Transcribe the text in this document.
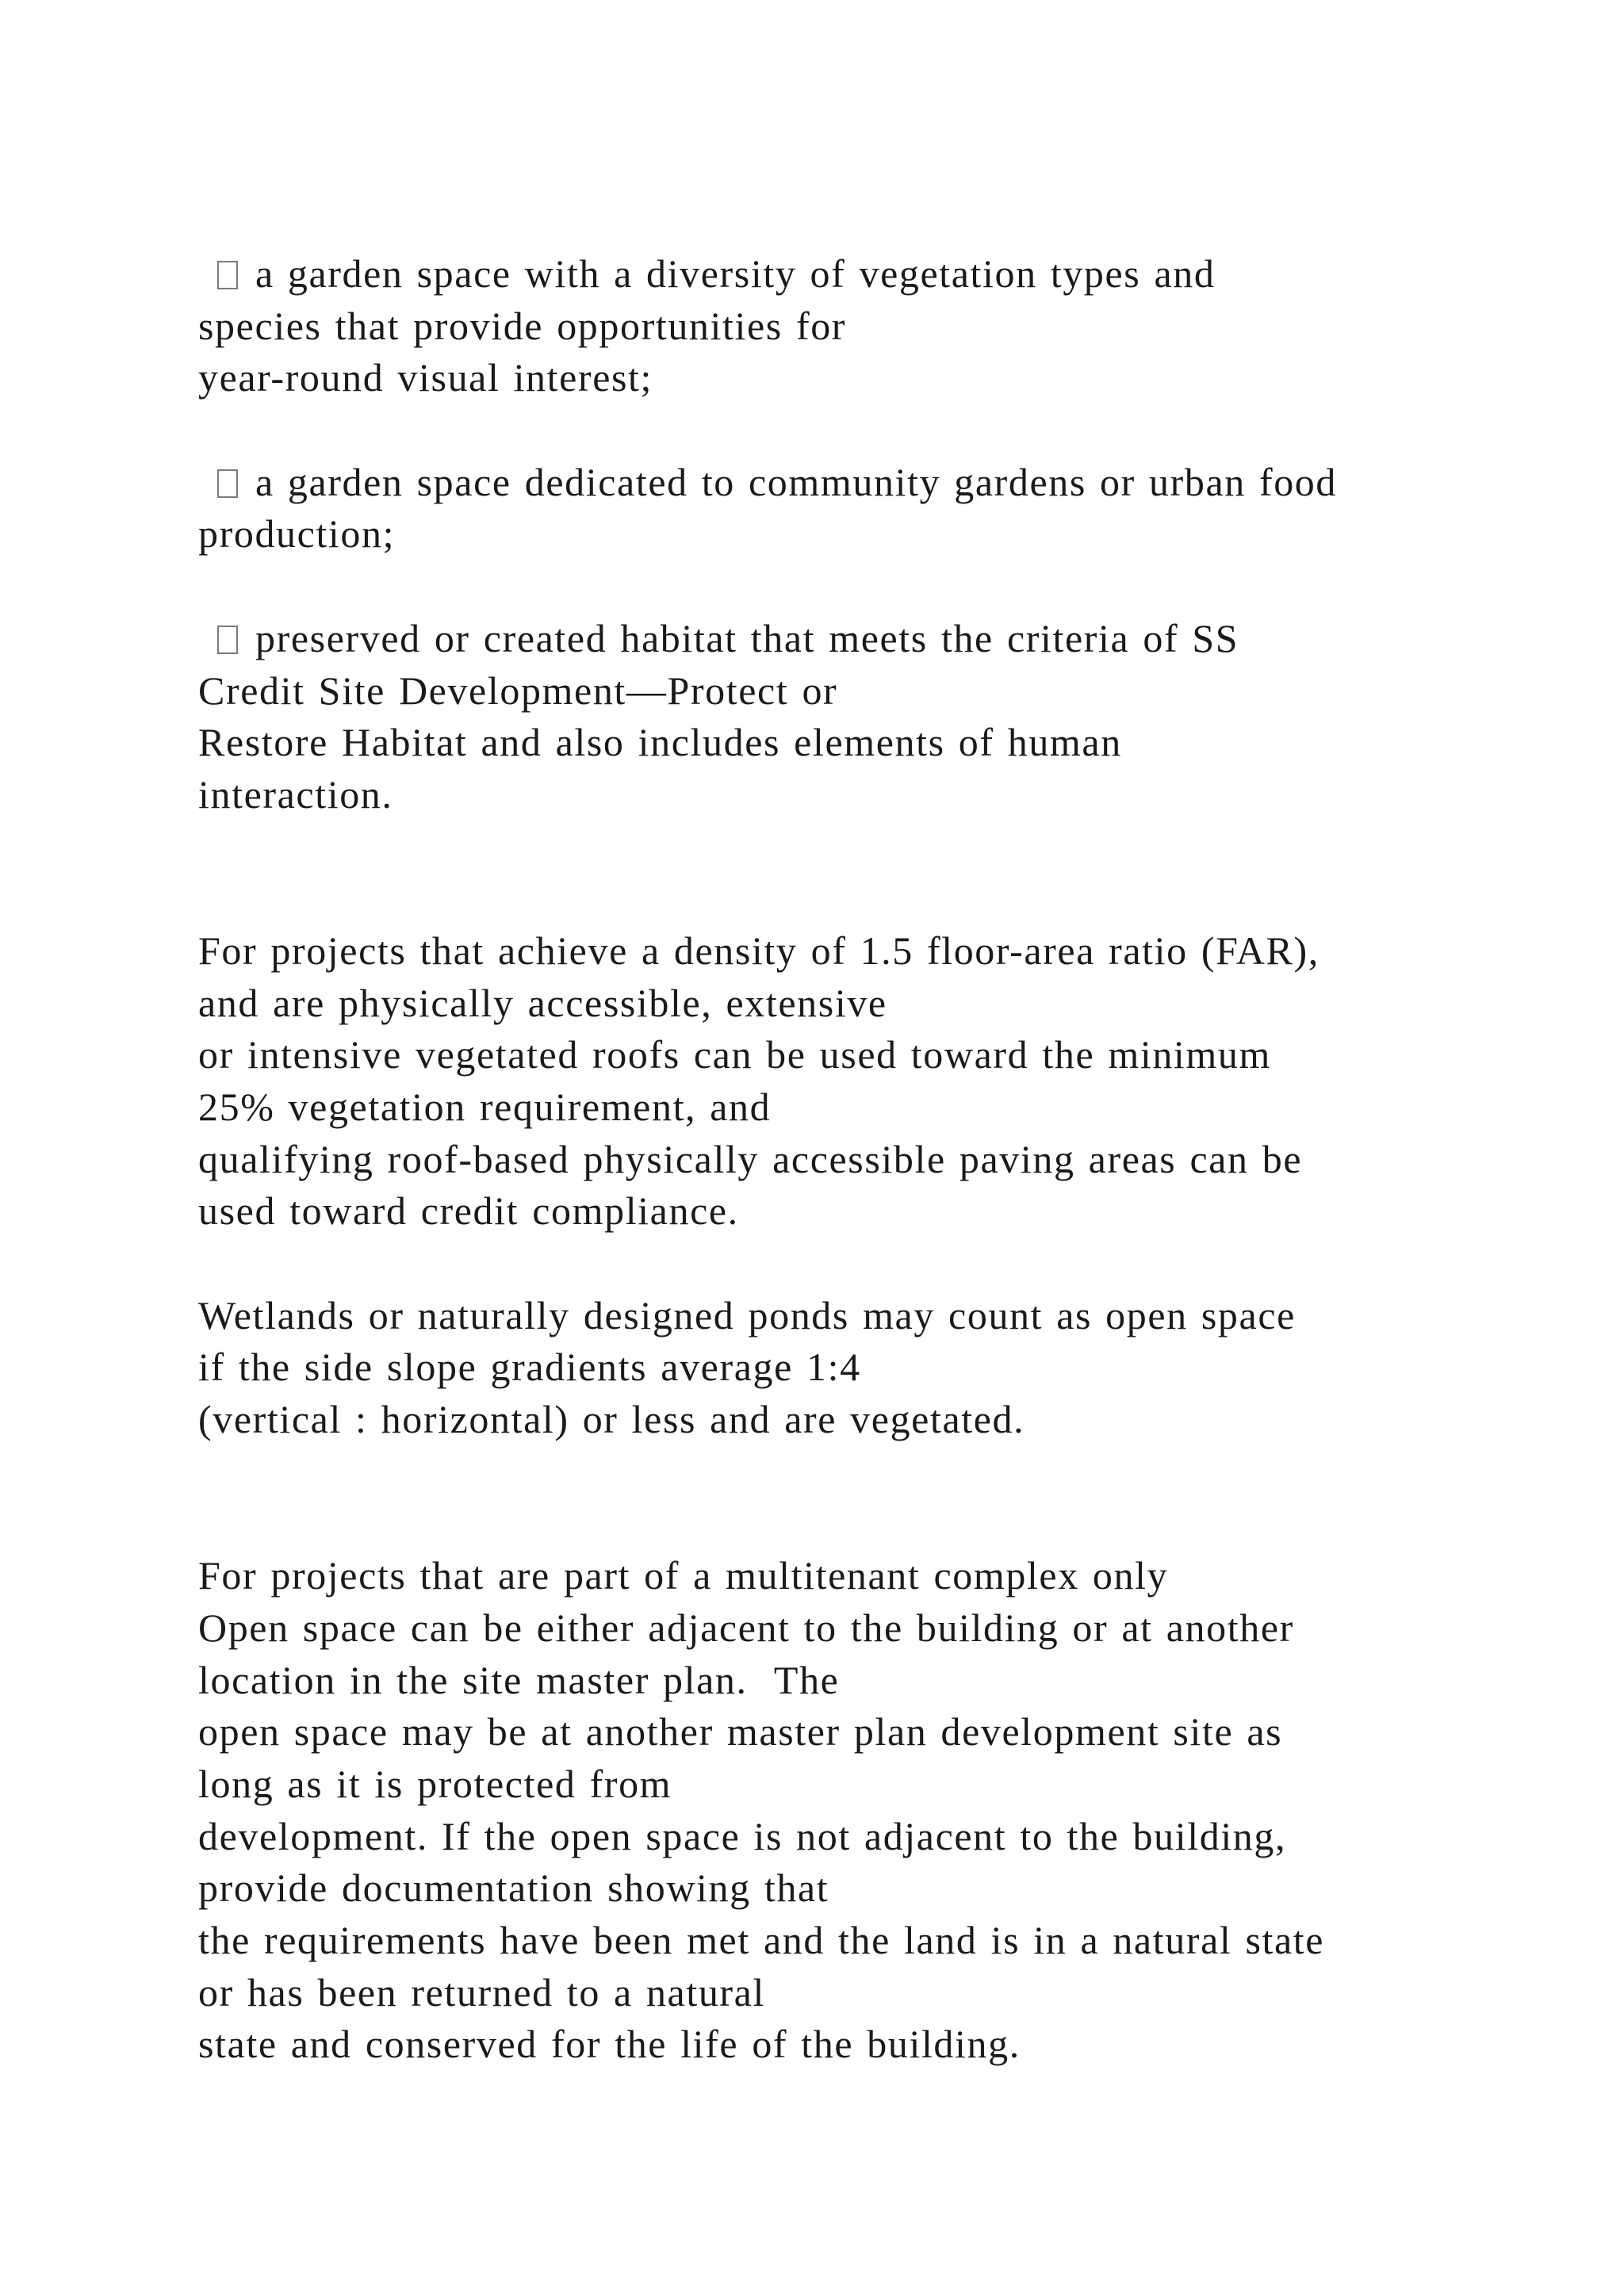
a garden space with a diversity of vegetation types and
species that provide opportunities for
year-round visual interest;
a garden space dedicated to community gardens or urban food
production;
preserved or created habitat that meets the criteria of SS
Credit Site Development—Protect or
Restore Habitat and also includes elements of human
interaction.
For projects that achieve a density of 1.5 floor-area ratio (FAR),
and are physically accessible, extensive
or intensive vegetated roofs can be used toward the minimum
25% vegetation requirement, and
qualifying roof-based physically accessible paving areas can be
used toward credit compliance.
Wetlands or naturally designed ponds may count as open space
if the side slope gradients average 1:4
(vertical : horizontal) or less and are vegetated.
For projects that are part of a multitenant complex only
Open space can be either adjacent to the building or at another
location in the site master plan.  The
open space may be at another master plan development site as
long as it is protected from
development. If the open space is not adjacent to the building,
provide documentation showing that
the requirements have been met and the land is in a natural state
or has been returned to a natural
state and conserved for the life of the building.
